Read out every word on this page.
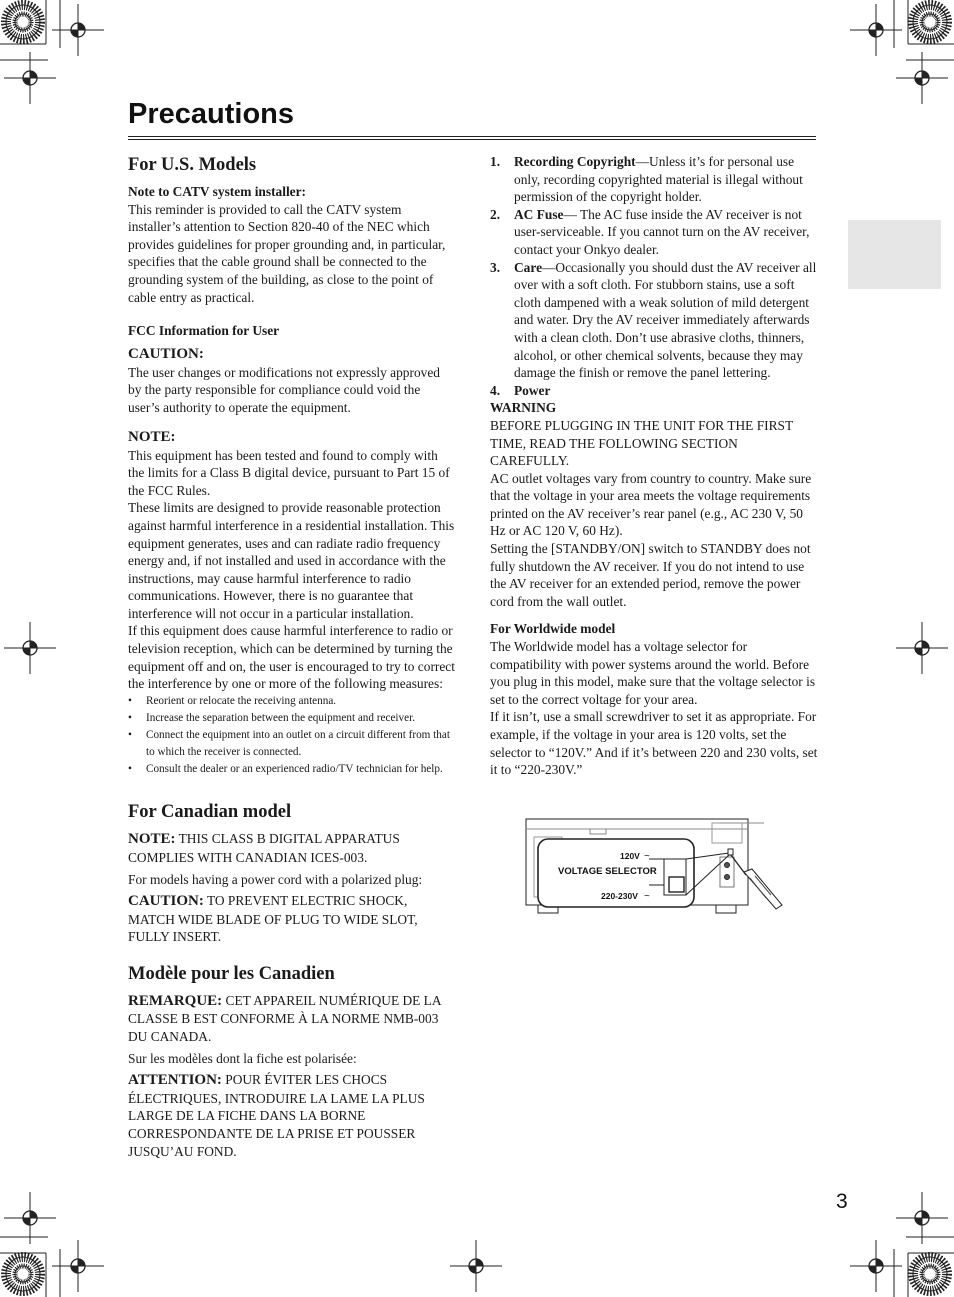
Precautions
For U.S. Models

Note to CATV system installer:

This reminder is provided to call the CATV system installer’s attention to Section 820-40 of the NEC which provides guidelines for proper grounding and, in particular, specifies that the cable ground shall be connected to the grounding system of the building, as close to the point of cable entry as practical.

FCC Information for User

CAUTION:

The user changes or modifications not expressly approved by the party responsible for compliance could void the user’s authority to operate the equipment.

NOTE:

This equipment has been tested and found to comply with the limits for a Class B digital device, pursuant to Part 15 of the FCC Rules.

These limits are designed to provide reasonable protection against harmful interference in a residential installation. This equipment generates, uses and can radiate radio frequency energy and, if not installed and used in accordance with the instructions, may cause harmful interference to radio communications. However, there is no guarantee that interference will not occur in a particular installation.

If this equipment does cause harmful interference to radio or television reception, which can be determined by turning the equipment off and on, the user is encouraged to try to correct the interference by one or more of the following measures:

• Reorient or relocate the receiving antenna.
• Increase the separation between the equipment and receiver.
• Connect the equipment into an outlet on a circuit different from that to which the receiver is connected.
• Consult the dealer or an experienced radio/TV technician for help.
For Canadian model

NOTE: THIS CLASS B DIGITAL APPARATUS COMPLIES WITH CANADIAN ICES-003.

For models having a power cord with a polarized plug:

CAUTION: TO PREVENT ELECTRIC SHOCK, MATCH WIDE BLADE OF PLUG TO WIDE SLOT, FULLY INSERT.

Modèle pour les Canadien

REMARQUE: CET APPAREIL NUMÉRIQUE DE LA CLASSE B EST CONFORME À LA NORME NMB-003 DU CANADA.

Sur les modèles dont la fiche est polarisée:

ATTENTION: POUR ÉVITER LES CHOCS ÉLECTRIQUES, INTRODUIRE LA LAME LA PLUS LARGE DE LA FICHE DANS LA BORNE CORRESPONDANTE DE LA PRISE ET POUSSER JUSQU’AU FOND.

1. Recording Copyright—Unless it’s for personal use only, recording copyrighted material is illegal without permission of the copyright holder.
2. AC Fuse— The AC fuse inside the AV receiver is not user-serviceable. If you cannot turn on the AV receiver, contact your Onkyo dealer.
3. Care—Occasionally you should dust the AV receiver all over with a soft cloth. For stubborn stains, use a soft cloth dampened with a weak solution of mild detergent and water. Dry the AV receiver immediately afterwards with a clean cloth. Don’t use abrasive cloths, thinners, alcohol, or other chemical solvents, because they may damage the finish or remove the panel lettering.
4. Power

WARNING

BEFORE PLUGGING IN THE UNIT FOR THE FIRST TIME, READ THE FOLLOWING SECTION CAREFULLY.

AC outlet voltages vary from country to country. Make sure that the voltage in your area meets the voltage requirements printed on the AV receiver’s rear panel (e.g., AC 230 V, 50 Hz or AC 120 V, 60 Hz).

Setting the [STANDBY/ON] switch to STANDBY does not fully shutdown the AV receiver. If you do not intend to use the AV receiver for an extended period, remove the power cord from the wall outlet.

For Worldwide model

The Worldwide model has a voltage selector for compatibility with power systems around the world. Before you plug in this model, make sure that the voltage selector is set to the correct voltage for your area.

If it isn’t, use a small screwdriver to set it as appropriate. For example, if the voltage in your area is 120 volts, set the selector to “120V.” And if it’s between 220 and 230 volts, set it to “220-230V.”

VOLTAGE SELECTOR
120V ~
220-230V ~
3
